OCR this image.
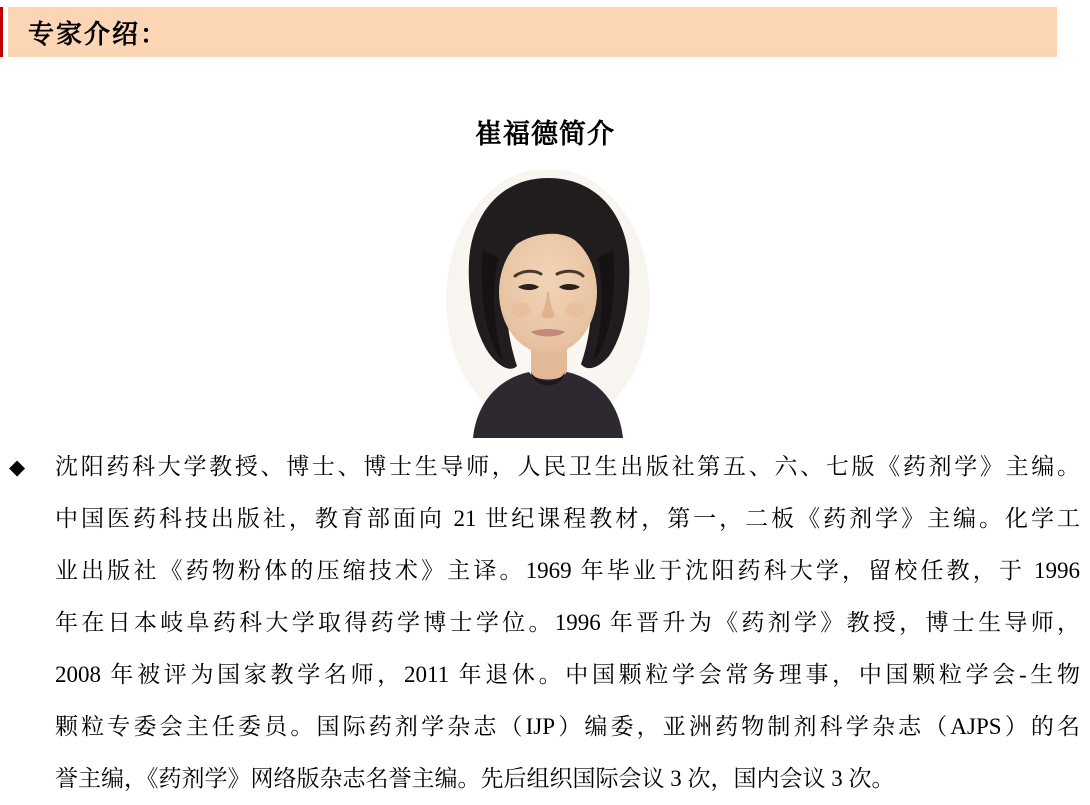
专家介绍：
崔福德简介
◆	沈阳药科大学教授、博士、博士生导师，人民卫生出版社第五、六、七版《药剂学》主编。
中国医药科技出版社，教育部面向 21 世纪课程教材，第一，二板《药剂学》主编。化学工
业出版社《药物粉体的压缩技术》主译。1969 年毕业于沈阳药科大学，留校任教，于 1996
年在日本岐阜药科大学取得药学博士学位。1996 年晋升为《药剂学》教授，博士生导师，
2008 年被评为国家教学名师，2011 年退休。中国颗粒学会常务理事，中国颗粒学会-生物
颗粒专委会主任委员。国际药剂学杂志（IJP）编委，亚洲药物制剂科学杂志（AJPS）的名
誉主编，《药剂学》网络版杂志名誉主编。先后组织国际会议 3 次，国内会议 3 次。
